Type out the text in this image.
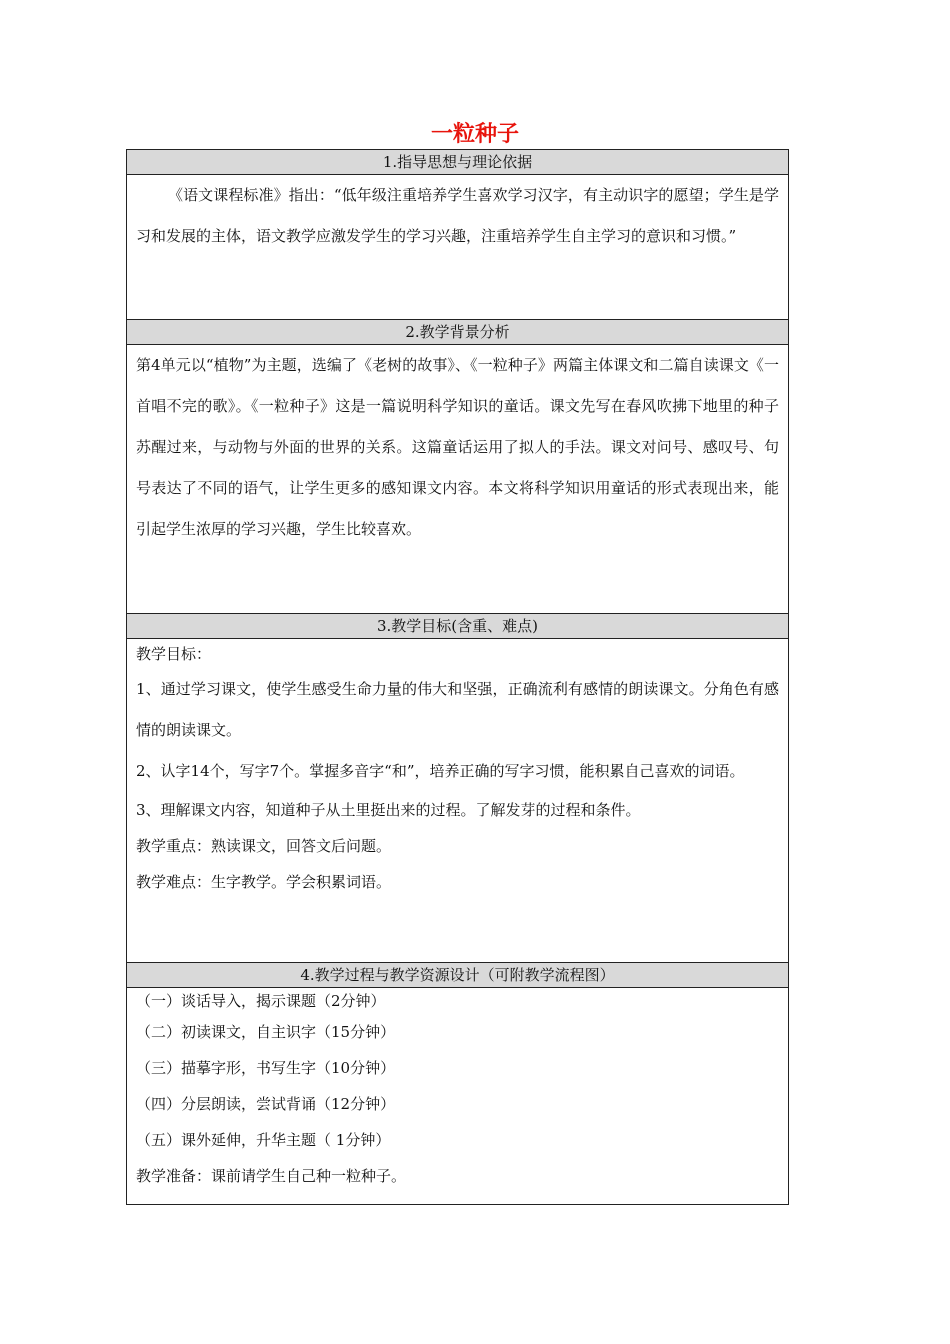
一粒种子
1.指导思想与理论依据

《语文课程标准》指出：“低年级注重培养学生喜欢学习汉字，有主动识字的愿望；学生是学习和发展的主体，语文教学应激发学生的学习兴趣，注重培养学生自主学习的意识和习惯。”

2.教学背景分析

第4单元以“植物”为主题，选编了《老树的故事》、《一粒种子》两篇主体课文和二篇自读课文《一首唱不完的歌》。《一粒种子》这是一篇说明科学知识的童话。课文先写在春风吹拂下地里的种子苏醒过来，与动物与外面的世界的关系。这篇童话运用了拟人的手法。课文对问号、感叹号、句号表达了不同的语气，让学生更多的感知课文内容。本文将科学知识用童话的形式表现出来，能引起学生浓厚的学习兴趣，学生比较喜欢。

3.教学目标(含重、难点)

教学目标：

1、通过学习课文，使学生感受生命力量的伟大和坚强，正确流利有感情的朗读课文。分角色有感情的朗读课文。

2、认字14个，写字7个。掌握多音字“和”，培养正确的写字习惯，能积累自己喜欢的词语。

3、理解课文内容，知道种子从土里挺出来的过程。了解发芽的过程和条件。

教学重点：熟读课文，回答文后问题。

教学难点：生字教学。学会积累词语。

4.教学过程与教学资源设计（可附教学流程图）

（一）谈话导入，揭示课题（2分钟）

（二）初读课文，自主识字（15分钟）

（三）描摹字形，书写生字（10分钟）

（四）分层朗读，尝试背诵（12分钟）

（五）课外延伸，升华主题（ 1分钟）

教学准备：课前请学生自己种一粒种子。
